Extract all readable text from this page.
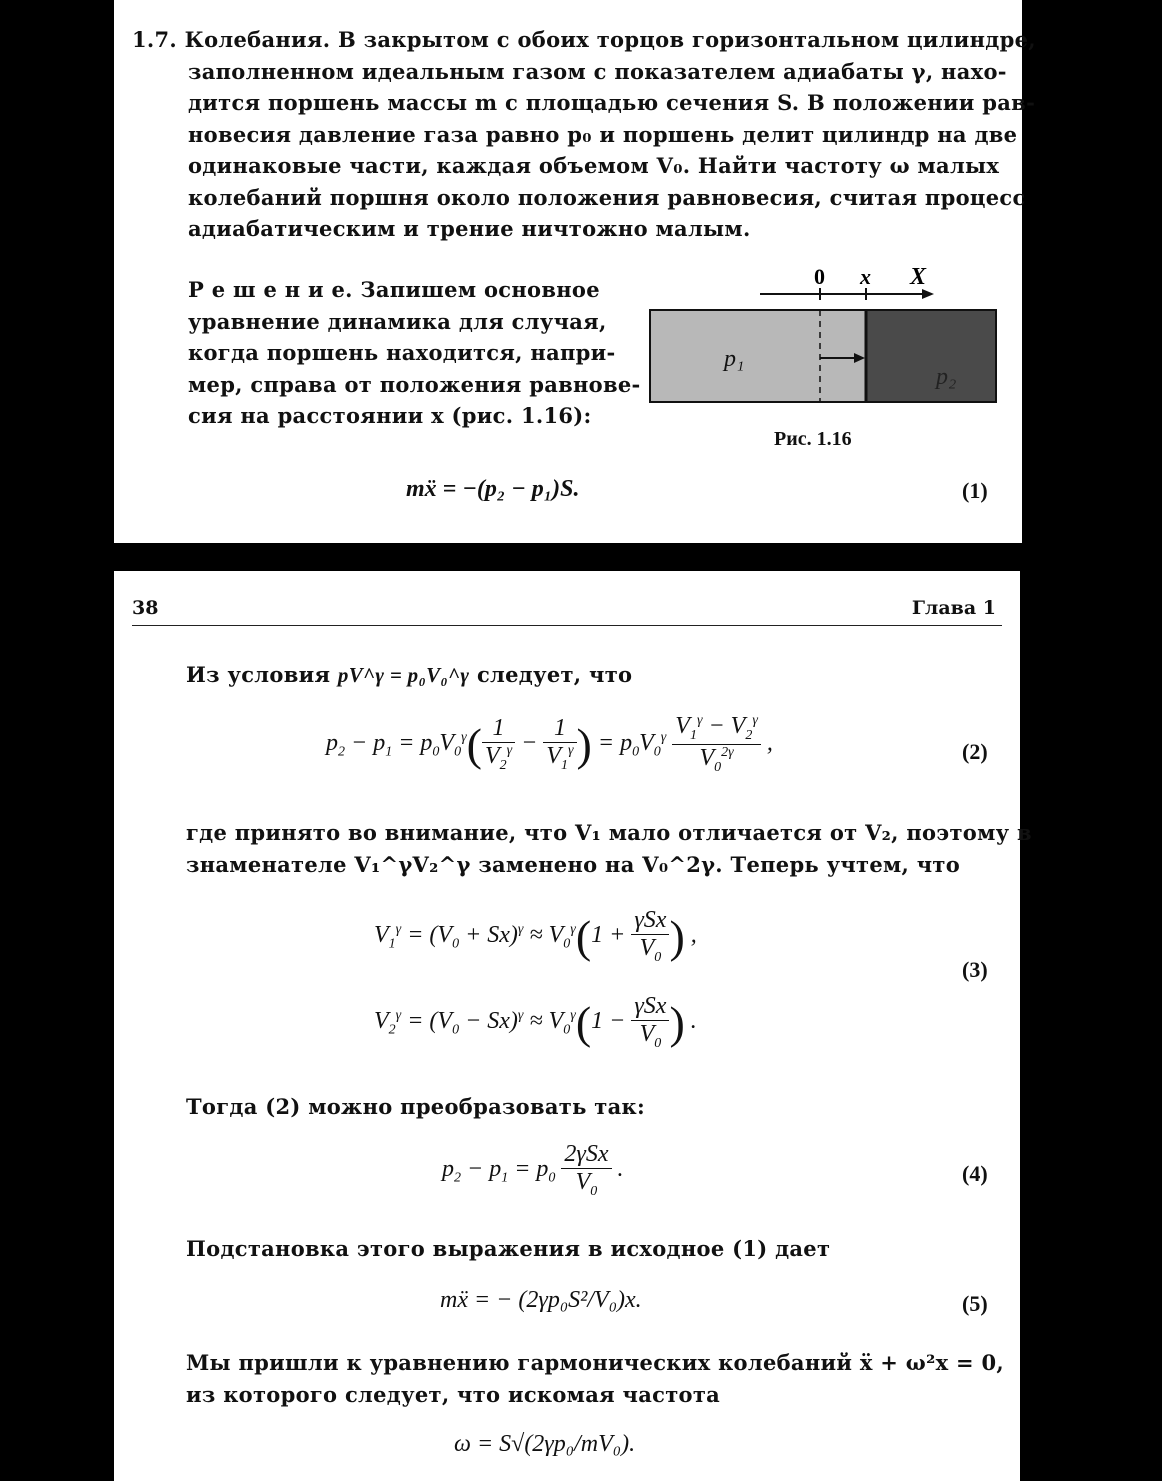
1.7. Колебания. В закрытом с обоих торцов горизонтальном цилиндре,
заполненном идеальным газом с показателем адиабаты γ, нахо-
дится поршень массы m с площадью сечения S. В положении рав-
новесия давление газа равно p₀ и поршень делит цилиндр на две
одинаковые части, каждая объемом V₀. Найти частоту ω малых
колебаний поршня около положения равновесия, считая процесс
адиабатическим и трение ничтожно малым.
Р е ш е н и е. Запишем основное
уравнение динамика для случая,
когда поршень находится, напри-
мер, справа от положения равнове-
сия на расстоянии x (рис. 1.16):
0 x X
p₁
p₂
Рис. 1.16
mẍ = −(p₂ − p₁)S.	(1)
38	Глава 1
Из условия pV^γ = p₀V₀^γ следует, что
$p_2 - p_1 = p_0V_0^\gamma( \frac{1}{V_2^\gamma} - \frac{1}{V_1^\gamma}$ ) = $p_0V_0^\gamma \frac{V_1^\gamma - V_2^\gamma}{V_0^{2\gamma}}$ ,	(2)
где принято во внимание, что V₁ мало отличается от V₂, поэтому в
знаменателе V₁^γV₂^γ заменено на V₀^2γ. Теперь учтем, что
$V_1^\gamma = (V_0 + Sx)^\gamma \approx V_0^\gamma(1 + \frac{\text{γSx}}{V_0}$ ) ,
$V_2^\gamma = (V_0 - Sx)^\gamma \approx V_0^\gamma(1 - \frac{\text{γSx}}{V_0}$ ) .
(3)
Тогда (2) можно преобразовать так:
$p_2 - p_1 = p_0 \frac{\text{2γSx}}{V_0}$ .	(4)
Подстановка этого выражения в исходное (1) дает
mẍ = − (2γp₀S²/V₀)x.	(5)
Мы пришли к уравнению гармонических колебаний ẍ + ω²x = 0,
из которого следует, что искомая частота
ω = S√(2γp₀/mV₀).
